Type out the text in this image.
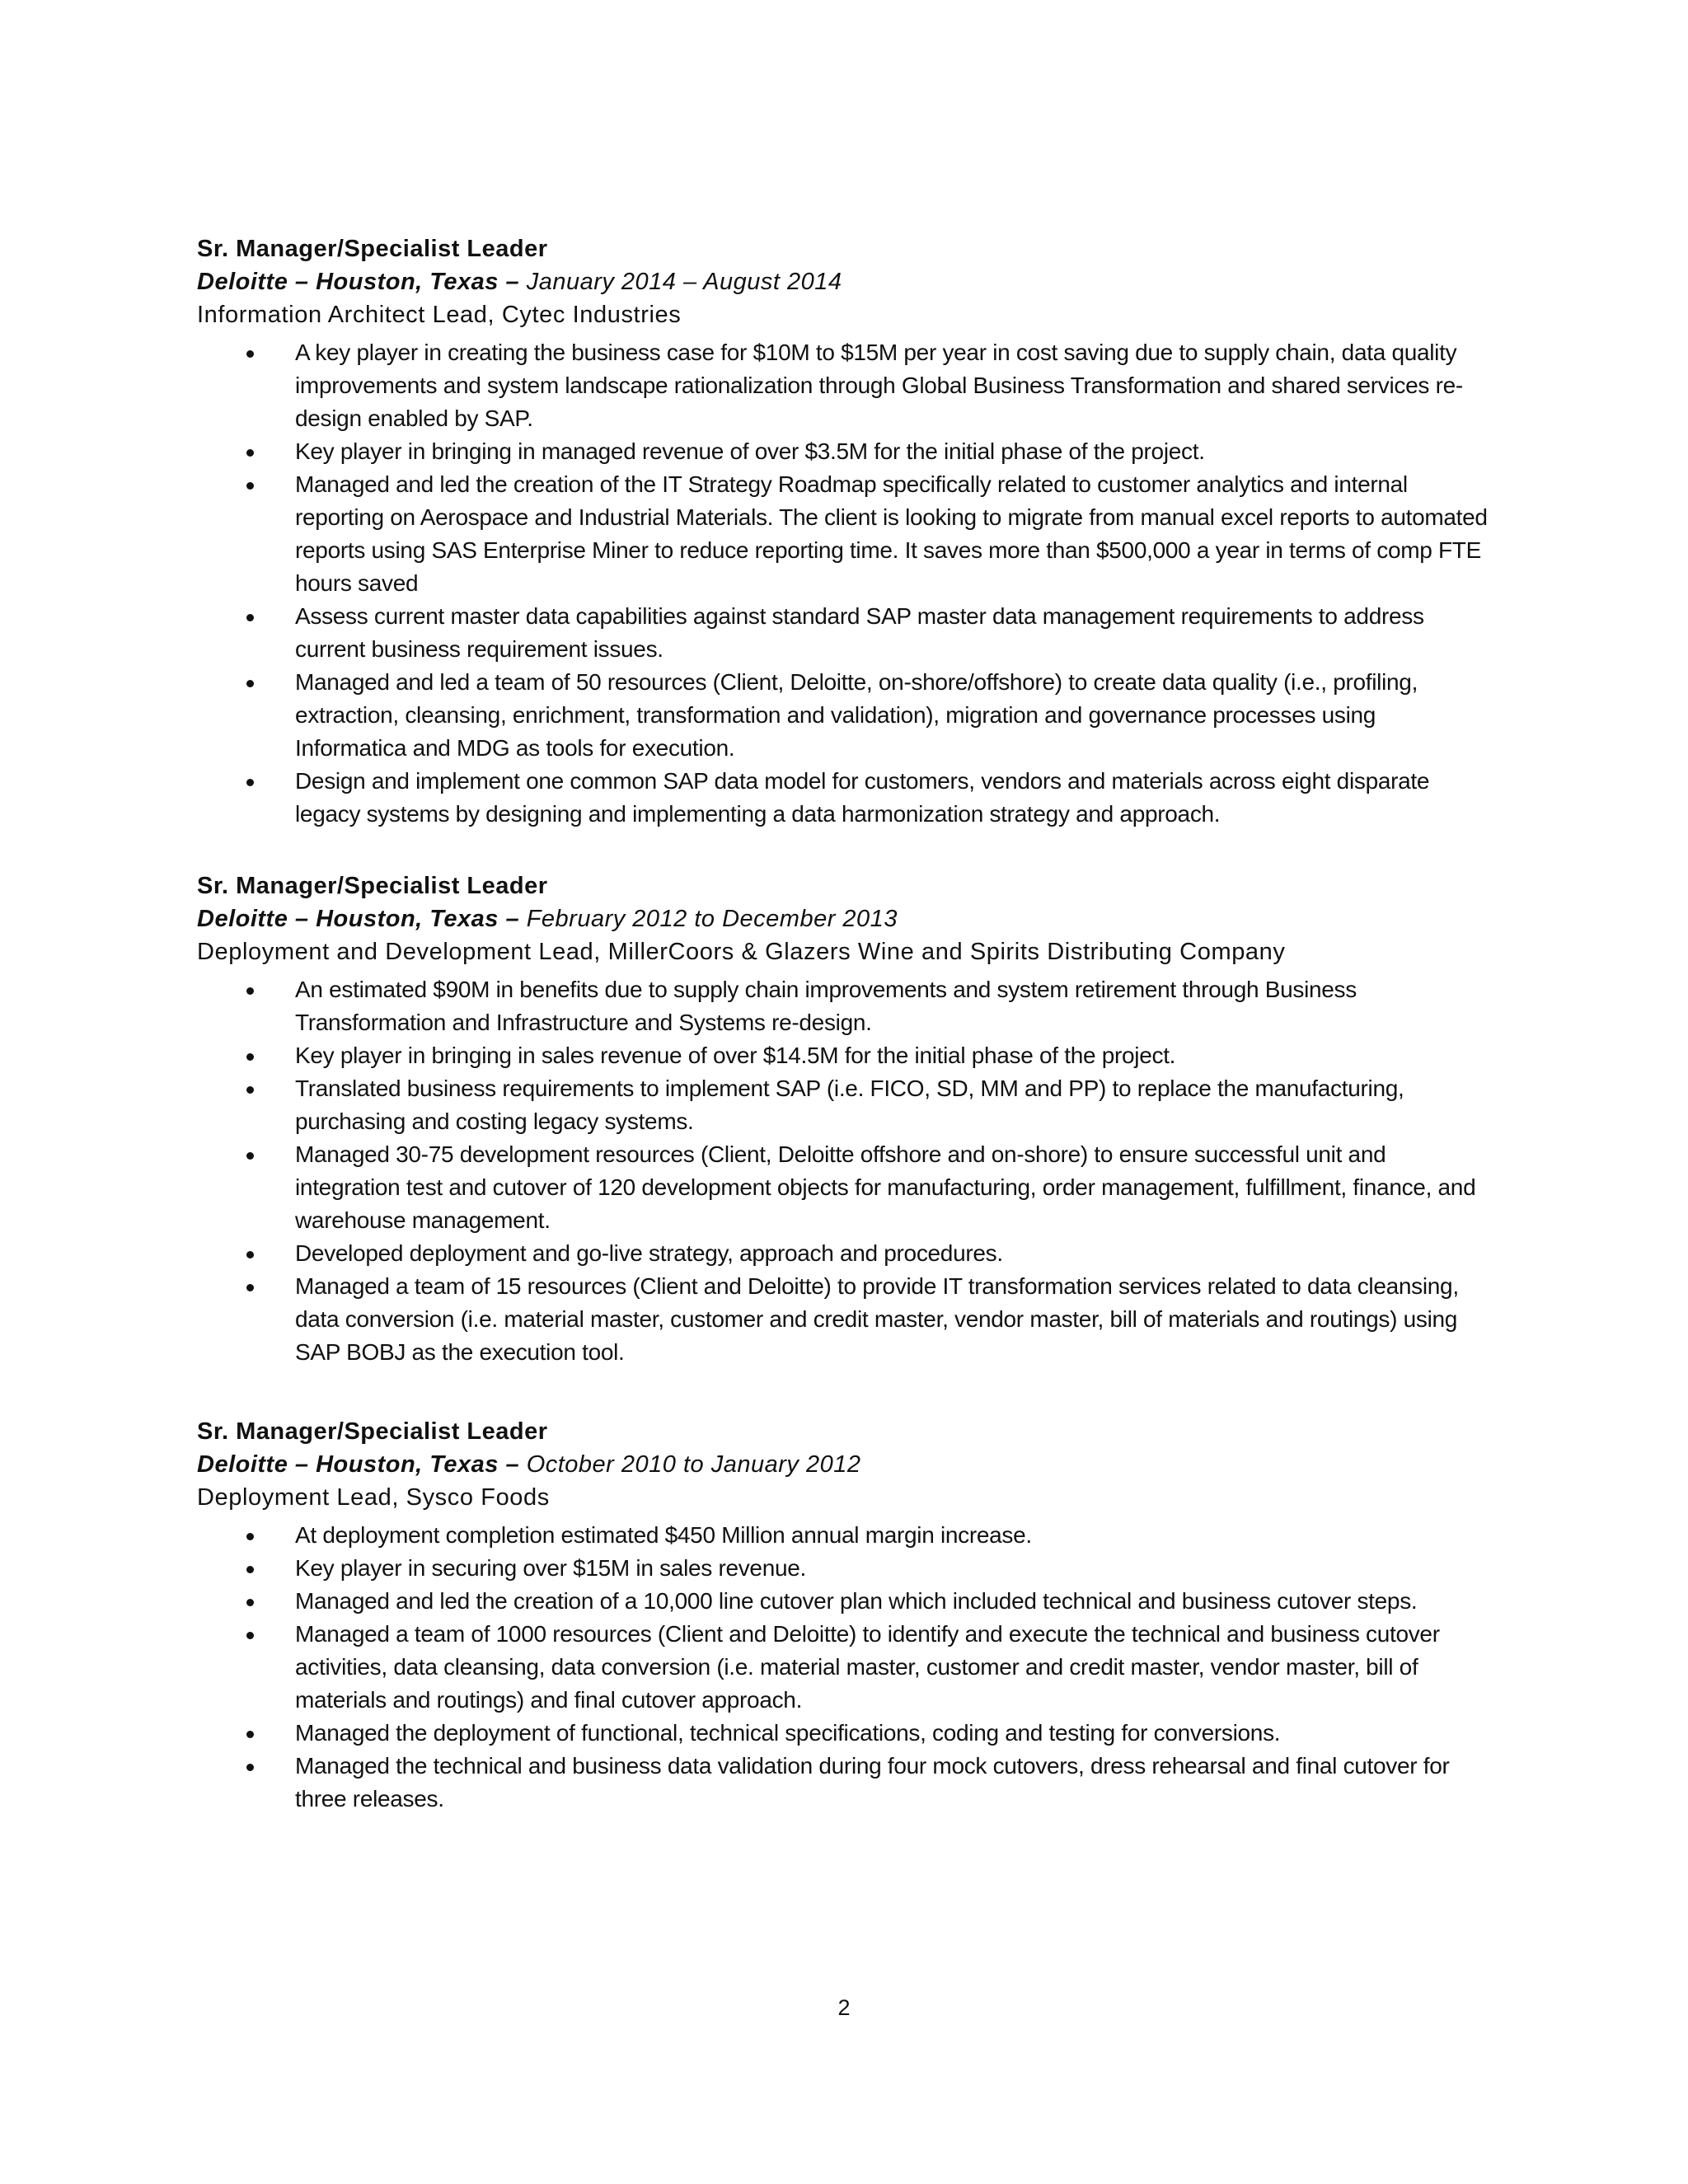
Sr. Manager/Specialist Leader

Deloitte – Houston, Texas – January 2014 – August 2014

Information Architect Lead, Cytec Industries

A key player in creating the business case for $10M to $15M per year in cost saving due to supply chain, data quality improvements and system landscape rationalization through Global Business Transformation and shared services re-design enabled by SAP.
Key player in bringing in managed revenue of over $3.5M for the initial phase of the project.
Managed and led the creation of the IT Strategy Roadmap specifically related to customer analytics and internal reporting on Aerospace and Industrial Materials. The client is looking to migrate from manual excel reports to automated reports using SAS Enterprise Miner to reduce reporting time. It saves more than $500,000 a year in terms of comp FTE hours saved
Assess current master data capabilities against standard SAP master data management requirements to address current business requirement issues.
Managed and led a team of 50 resources (Client, Deloitte, on-shore/offshore) to create data quality (i.e., profiling, extraction, cleansing, enrichment, transformation and validation), migration and governance processes using Informatica and MDG as tools for execution.
Design and implement one common SAP data model for customers, vendors and materials across eight disparate legacy systems by designing and implementing a data harmonization strategy and approach.

Sr. Manager/Specialist Leader

Deloitte – Houston, Texas – February 2012 to December 2013

Deployment and Development Lead, MillerCoors & Glazers Wine and Spirits Distributing Company

An estimated $90M in benefits due to supply chain improvements and system retirement through Business Transformation and Infrastructure and Systems re-design.
Key player in bringing in sales revenue of over $14.5M for the initial phase of the project.
Translated business requirements to implement SAP (i.e. FICO, SD, MM and PP) to replace the manufacturing, purchasing and costing legacy systems.
Managed 30-75 development resources (Client, Deloitte offshore and on-shore) to ensure successful unit and integration test and cutover of 120 development objects for manufacturing, order management, fulfillment, finance, and warehouse management.
Developed deployment and go-live strategy, approach and procedures.
Managed a team of 15 resources (Client and Deloitte) to provide IT transformation services related to data cleansing, data conversion (i.e. material master, customer and credit master, vendor master, bill of materials and routings) using SAP BOBJ as the execution tool.

Sr. Manager/Specialist Leader

Deloitte – Houston, Texas – October 2010 to January 2012

Deployment Lead, Sysco Foods

At deployment completion estimated $450 Million annual margin increase.
Key player in securing over $15M in sales revenue.
Managed and led the creation of a 10,000 line cutover plan which included technical and business cutover steps.
Managed a team of 1000 resources (Client and Deloitte) to identify and execute the technical and business cutover activities, data cleansing, data conversion (i.e. material master, customer and credit master, vendor master, bill of materials and routings) and final cutover approach.
Managed the deployment of functional, technical specifications, coding and testing for conversions.
Managed the technical and business data validation during four mock cutovers, dress rehearsal and final cutover for three releases.
2
